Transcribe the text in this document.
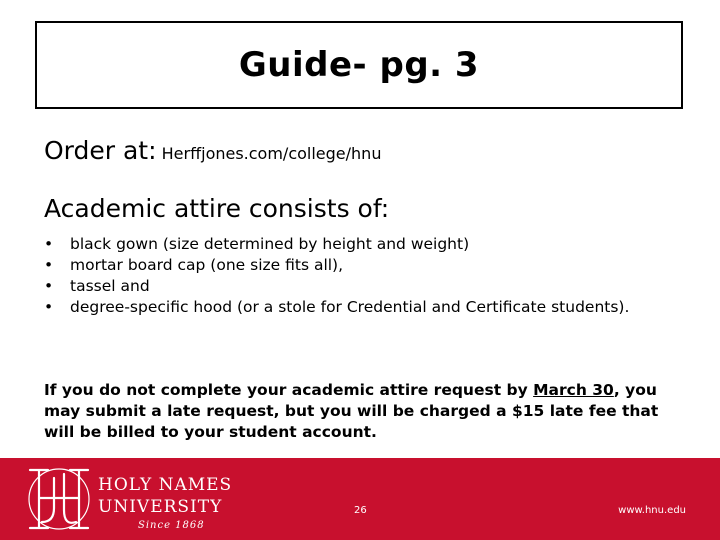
Guide- pg. 3
Order at: Herffjones.com/college/hnu
Academic attire consists of:
• black gown (size determined by height and weight)
• mortar board cap (one size fits all),
• tassel and
• degree-specific hood (or a stole for Credential and Certificate students).
If you do not complete your academic attire request by March 30, you may submit a late request, but you will be charged a $15 late fee that will be billed to your student account.
HOLY NAMES
UNIVERSITY
Since 1868
26	www.hnu.edu
